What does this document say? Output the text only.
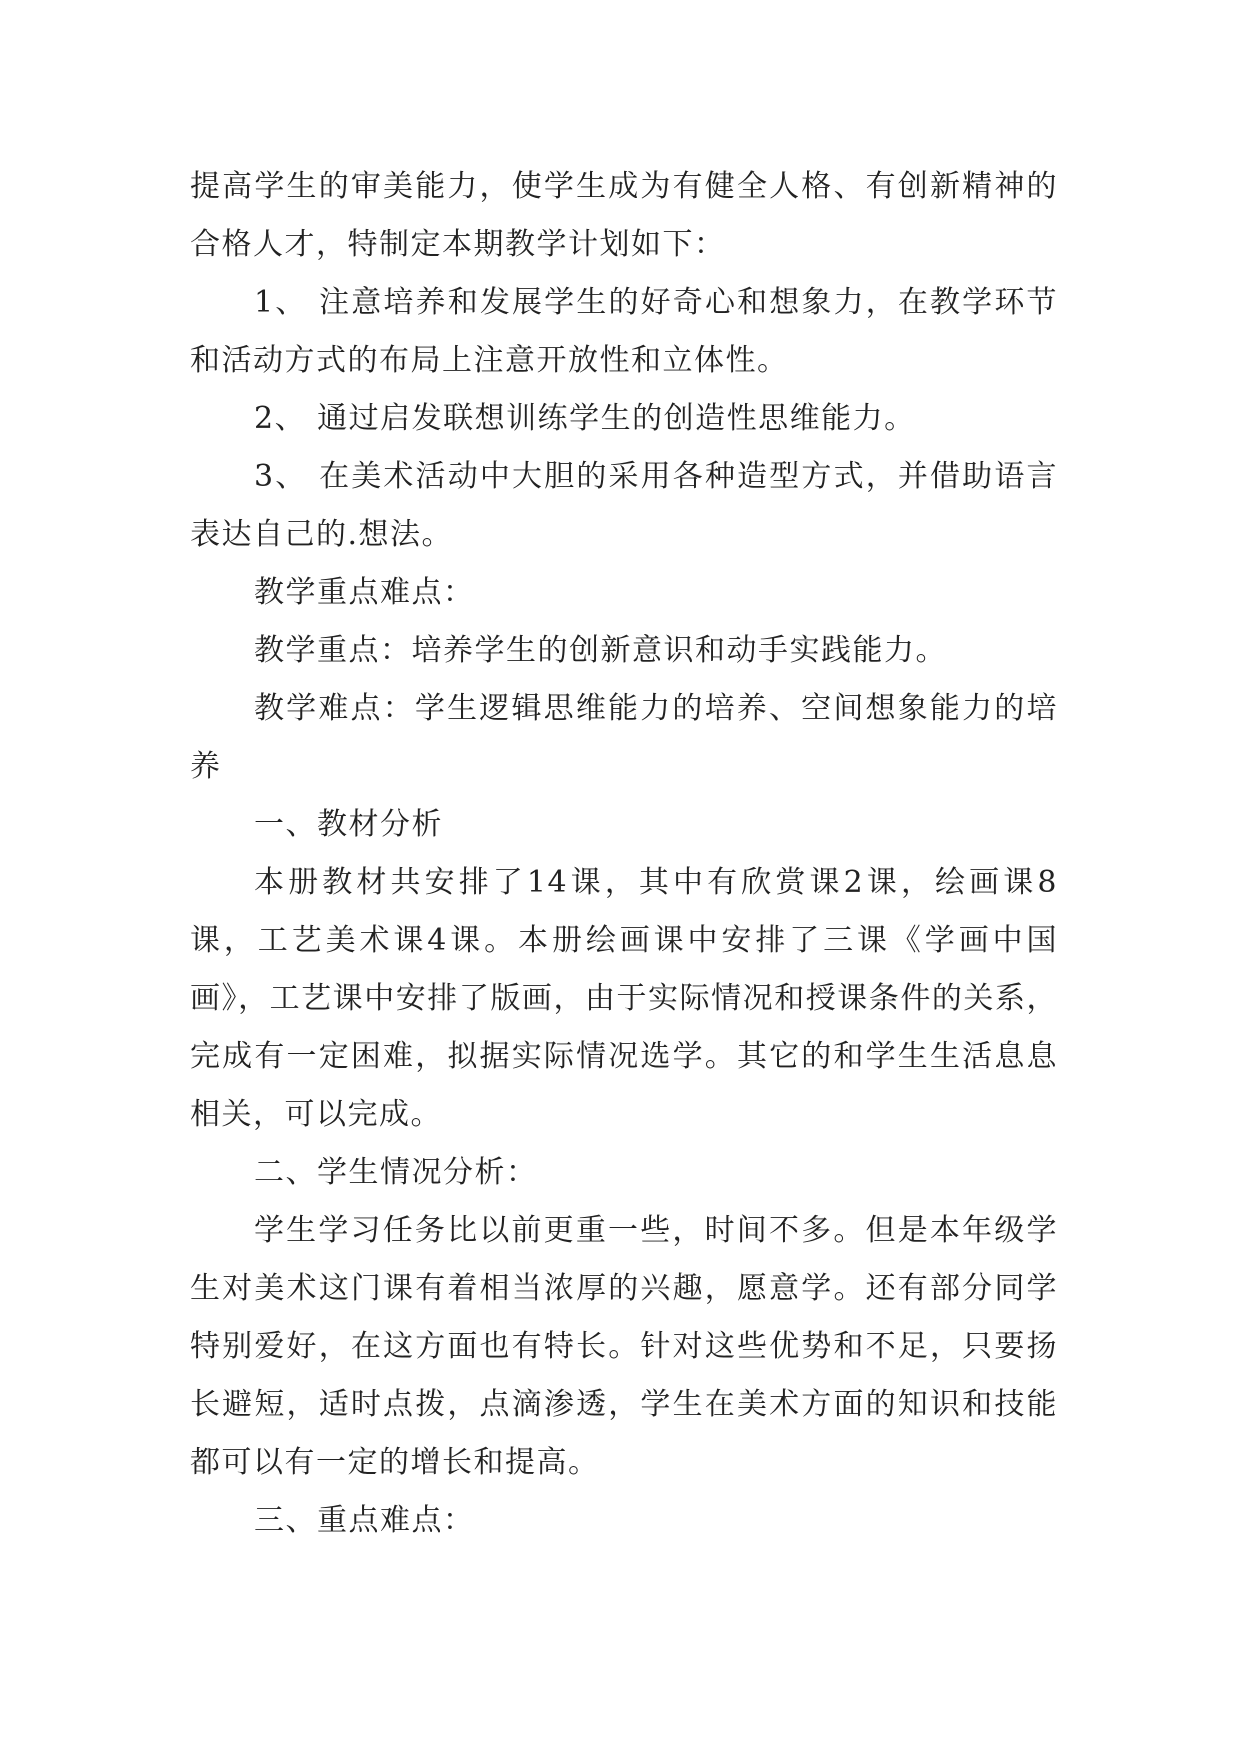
提高学生的审美能力，使学生成为有健全人格、有创新精神的合格人才，特制定本期教学计划如下：

1、 注意培养和发展学生的好奇心和想象力，在教学环节和活动方式的布局上注意开放性和立体性。

2、 通过启发联想训练学生的创造性思维能力。

3、 在美术活动中大胆的采用各种造型方式，并借助语言表达自己的.想法。

教学重点难点：

教学重点：培养学生的创新意识和动手实践能力。

教学难点：学生逻辑思维能力的培养、空间想象能力的培养

一、教材分析

本册教材共安排了14课，其中有欣赏课2课，绘画课8课，工艺美术课4课。本册绘画课中安排了三课《学画中国画》，工艺课中安排了版画，由于实际情况和授课条件的关系，完成有一定困难，拟据实际情况选学。其它的和学生生活息息相关，可以完成。

二、学生情况分析：

学生学习任务比以前更重一些，时间不多。但是本年级学生对美术这门课有着相当浓厚的兴趣，愿意学。还有部分同学特别爱好，在这方面也有特长。针对这些优势和不足，只要扬长避短，适时点拨，点滴渗透，学生在美术方面的知识和技能都可以有一定的增长和提高。

三、重点难点：
